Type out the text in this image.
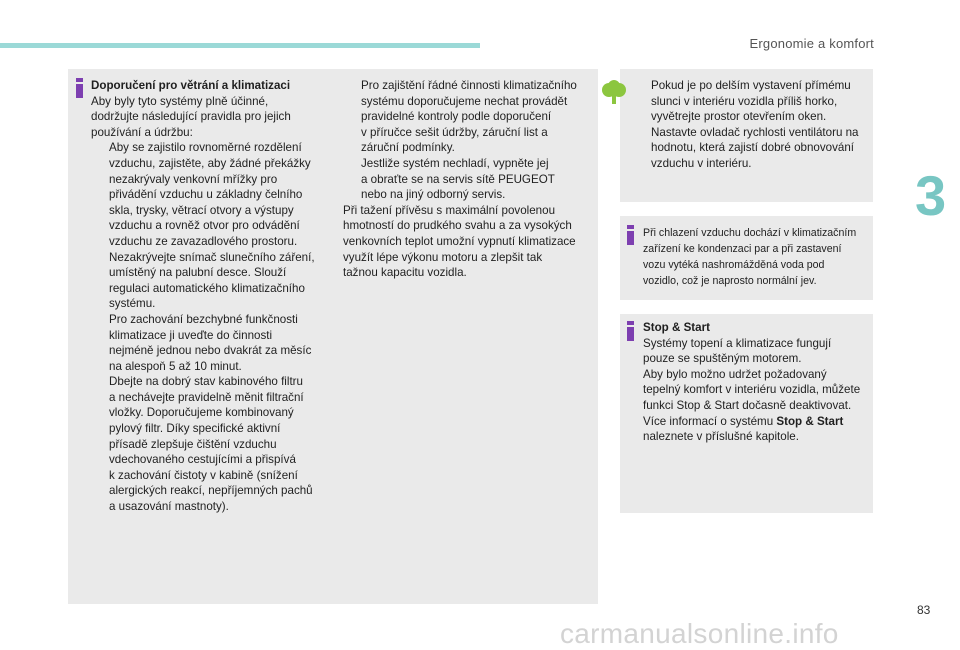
Ergonomie a komfort
3
83
carmanualsonline.info

Doporučení pro větrání a klimatizaci

Aby byly tyto systémy plně účinné,

dodržujte následující pravidla pro jejich

používání a údržbu:

Aby se zajistilo rovnoměrné rozdělení

vzduchu, zajistěte, aby žádné překážky

nezakrývaly venkovní mřížky pro

přivádění vzduchu u základny čelního

skla, trysky, větrací otvory a výstupy

vzduchu a rovněž otvor pro odvádění

vzduchu ze zavazadlového prostoru.

Nezakrývejte snímač slunečního záření,

umístěný na palubní desce. Slouží

regulaci automatického klimatizačního

systému.

Pro zachování bezchybné funkčnosti

klimatizace ji uveďte do činnosti

nejméně jednou nebo dvakrát za měsíc

na alespoň 5 až 10 minut.

Dbejte na dobrý stav kabinového filtru

a nechávejte pravidelně měnit filtrační

vložky. Doporučujeme kombinovaný

pylový filtr. Díky specifické aktivní

přísadě zlepšuje čištění vzduchu

vdechovaného cestujícími a přispívá

k zachování čistoty v kabině (snížení

alergických reakcí, nepříjemných pachů

a usazování mastnoty).

Pro zajištění řádné činnosti klimatizačního

systému doporučujeme nechat provádět

pravidelné kontroly podle doporučení

v příručce sešit údržby, záruční list a

záruční podmínky.

Jestliže systém nechladí, vypněte jej

a obraťte se na servis sítě PEUGEOT

nebo na jiný odborný servis.

Při tažení přívěsu s maximální povolenou

hmotností do prudkého svahu a za vysokých

venkovních teplot umožní vypnutí klimatizace

využít lépe výkonu motoru a zlepšit tak

tažnou kapacitu vozidla.

Pokud je po delším vystavení přímému

slunci v interiéru vozidla příliš horko,

vyvětrejte prostor otevřením oken.

Nastavte ovladač rychlosti ventilátoru na

hodnotu, která zajistí dobré obnovování

vzduchu v interiéru.

Při chlazení vzduchu dochází v klimatizačním

zařízení ke kondenzaci par a při zastavení

vozu vytéká nashromážděná voda pod

vozidlo, což je naprosto normální jev.

Stop & Start

Systémy topení a klimatizace fungují

pouze se spuštěným motorem.

Aby bylo možno udržet požadovaný

tepelný komfort v interiéru vozidla, můžete

funkci Stop & Start dočasně deaktivovat.

Více informací o systému Stop & Start

naleznete v příslušné kapitole.
